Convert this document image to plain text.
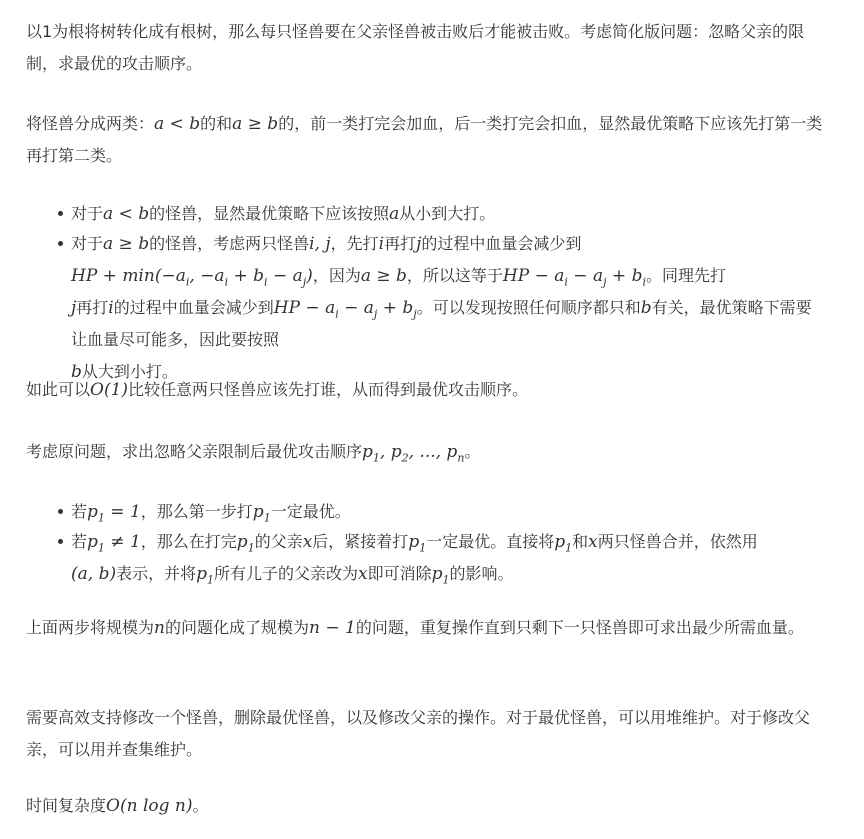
以1为根将树转化成有根树，那么每只怪兽要在父亲怪兽被击败后才能被击败。考虑简化版问题：忽略父亲的限制，求最优的攻击顺序。

将怪兽分成两类：a < b的和a ≥ b的，前一类打完会加血，后一类打完会扣血，显然最优策略下应该先打第一类再打第二类。

对于a < b的怪兽，显然最优策略下应该按照a从小到大打。
对于a ≥ b的怪兽，考虑两只怪兽i, j，先打i再打j的过程中血量会减少到
HP + $\min(-a_i$, $-a_i + b_i - a_j$)，因为a ≥ b，所以这等于HP − $a_i - a_j + b_i$。同理先打
j再打i的过程中血量会减少到HP − $a_i - a_j + b_j$。可以发现按照任何顺序都只和b有关，最优策略下需要让血量尽可能多，因此要按照
b从大到小打。

如此可以O(1)比较任意两只怪兽应该先打谁，从而得到最优攻击顺序。

考虑原问题，求出忽略父亲限制后最优攻击顺序$p_1$, $p_2$, ..., $p_n$。

若$p_1 = 1$，那么第一步打$p_1$一定最优。
若$p_1 \ne 1$，那么在打完$p_1$的父亲x后，紧接着打$p_1$一定最优。直接将$p_1$和x两只怪兽合并，依然用
(a, b)表示，并将$p_1$所有儿子的父亲改为x即可消除$p_1$的影响。

上面两步将规模为n的问题化成了规模为n − 1的问题，重复操作直到只剩下一只怪兽即可求出最少所需血量。

需要高效支持修改一个怪兽，删除最优怪兽，以及修改父亲的操作。对于最优怪兽，可以用堆维护。对于修改父亲，可以用并查集维护。

时间复杂度O(n log n)。
